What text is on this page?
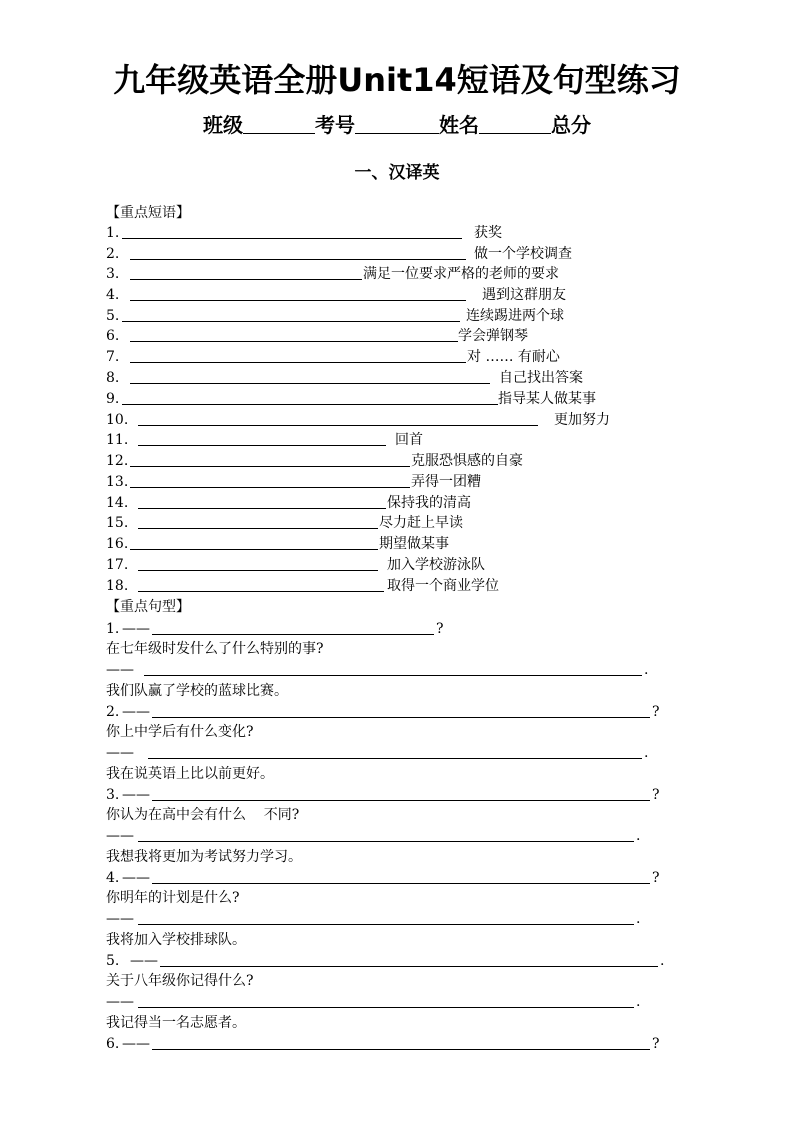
九年级英语全册Unit14短语及句型练习
班级	考号	姓名	总分
一、汉译英
【重点短语】
1.	获奖
2.	做一个学校调查
3.	满足一位要求严格的老师的要求
4.	遇到这群朋友
5.	连续踢进两个球
6.	学会弹钢琴
7.	对 …… 有耐心
8.	自己找出答案
9.	指导某人做某事
10.	更加努力
11.	回首
12.	克服恐惧感的自豪
13.	弄得一团糟
14.	保持我的清高
15.	尽力赶上早读
16.	期望做某事
17.	加入学校游泳队
18.	取得一个商业学位
【重点句型】
1. ——	?
在七年级时发什么了什么特别的事?
——	.
我们队赢了学校的蓝球比赛。
2. ——	?
你上中学后有什么变化?
——	.
我在说英语上比以前更好。
3. ——	?
你认为在高中会有什么    不同?
——	.
我想我将更加为考试努力学习。
4. ——	?
你明年的计划是什么?
——	.
我将加入学校排球队。
5. ——	.
关于八年级你记得什么?
——	.
我记得当一名志愿者。
6. ——	?
